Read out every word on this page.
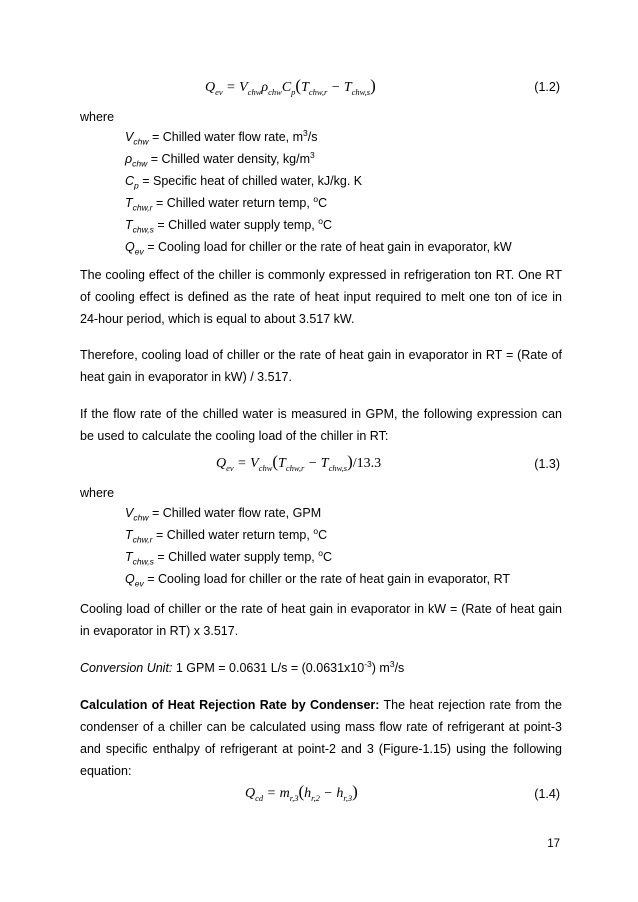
$Q_{ev} = V_{chw}\rho_{chw}C_p(T_{chw,r} - T_{chw,s})$	(1.2)
where
$V_{chw}$ = Chilled water flow rate, $m^3/s$
$\rho_{chw}$ = Chilled water density, $kg/m^3$
$C_p$ = Specific heat of chilled water, kJ/kg. K
$T_{chw,r}$ = Chilled water return temp, $^o$C
$T_{chw,s}$ = Chilled water supply temp, $^o$C
$Q_{ev}$ = Cooling load for chiller or the rate of heat gain in evaporator, kW
The cooling effect of the chiller is commonly expressed in refrigeration ton RT. One RT of cooling effect is defined as the rate of heat input required to melt one ton of ice in 24-hour period, which is equal to about 3.517 kW.
Therefore, cooling load of chiller or the rate of heat gain in evaporator in RT = (Rate of heat gain in evaporator in kW) / 3.517.
If the flow rate of the chilled water is measured in GPM, the following expression can be used to calculate the cooling load of the chiller in RT:
$Q_{ev} = V_{chw}(T_{chw,r} - T_{chw,s})/13.3$	(1.3)
where
$V_{chw}$ = Chilled water flow rate, GPM
$T_{chw,r}$ = Chilled water return temp, $^o$C
$T_{chw,s}$ = Chilled water supply temp, $^o$C
$Q_{ev}$ = Cooling load for chiller or the rate of heat gain in evaporator, RT
Cooling load of chiller or the rate of heat gain in evaporator in kW = (Rate of heat gain in evaporator in RT) x 3.517.
Conversion Unit: 1 GPM = 0.0631 $L/s = (0.0631x10^{-3})$ $m^3/s$
Calculation of Heat Rejection Rate by Condenser: The heat rejection rate from the condenser of a chiller can be calculated using mass flow rate of refrigerant at point-3 and specific enthalpy of refrigerant at point-2 and 3 (Figure-1.15) using the following equation:
$Q_{cd} = m_{r,3}(h_{r,2} - h_{r,3})$	(1.4)
17
